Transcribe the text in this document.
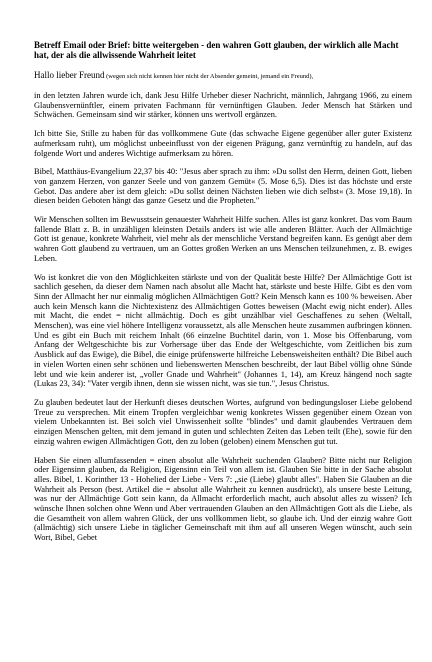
Betreff Email oder Brief: bitte weitergeben - den wahren Gott glauben, der wirklich alle Macht hat, der als die allwissende Wahrheit leitet
Hallo lieber Freund (wegen sich nicht kennen hier nicht der Absender gemeint, jemand ein Freund),

in den letzten Jahren wurde ich, dank Jesu Hilfe Urheber dieser Nachricht, männlich, Jahrgang 1966, zu einem Glaubensvernünftler, einem privaten Fachmann für vernünftigen Glauben. Jeder Mensch hat Stärken und Schwächen. Gemeinsam sind wir stärker, können uns wertvoll ergänzen.

Ich bitte Sie, Stille zu haben für das vollkommene Gute (das schwache Eigene gegenüber aller guter Existenz aufmerksam ruht), um möglichst unbeeinflusst von der eigenen Prägung, ganz vernünftig zu handeln, auf das folgende Wort und anderes Wichtige aufmerksam zu hören.

Bibel, Matthäus-Evangelium 22,37 bis 40: "Jesus aber sprach zu ihm: »Du sollst den Herrn, deinen Gott, lieben von ganzem Herzen, von ganzer Seele und von ganzem Gemüt« (5. Mose 6,5). Dies ist das höchste und erste Gebot. Das andere aber ist dem gleich: »Du sollst deinen Nächsten lieben wie dich selbst« (3. Mose 19,18). In diesen beiden Geboten hängt das ganze Gesetz und die Propheten."

Wir Menschen sollten im Bewusstsein genauester Wahrheit Hilfe suchen. Alles ist ganz konkret. Das vom Baum fallende Blatt z. B. in unzähligen kleinsten Details anders ist wie alle anderen Blätter. Auch der Allmächtige Gott ist genaue, konkrete Wahrheit, viel mehr als der menschliche Verstand begreifen kann. Es genügt aber dem wahren Gott glaubend zu vertrauen, um an Gottes großen Werken an uns Menschen teilzunehmen, z. B. ewiges Leben.

Wo ist konkret die von den Möglichkeiten stärkste und von der Qualität beste Hilfe? Der Allmächtige Gott ist sachlich gesehen, da dieser dem Namen nach absolut alle Macht hat, stärkste und beste Hilfe. Gibt es den vom Sinn der Allmacht her nur einmalig möglichen Allmächtigen Gott? Kein Mensch kann es 100 % beweisen. Aber auch kein Mensch kann die Nichtexistenz des Allmächtigen Gottes beweisen (Macht ewig nicht ender). Alles mit Macht, die endet = nicht allmächtig. Doch es gibt unzählbar viel Geschaffenes zu sehen (Weltall, Menschen), was eine viel höhere Intelligenz voraussetzt, als alle Menschen heute zusammen aufbringen können. Und es gibt ein Buch mit reichem Inhalt (66 einzelne Buchtitel darin, von 1. Mose bis Offenbarung, vom Anfang der Weltgeschichte bis zur Vorhersage über das Ende der Weltgeschichte, vom Zeitlichen bis zum Ausblick auf das Ewige), die Bibel, die einige prüfenswerte hilfreiche Lebensweisheiten enthält? Die Bibel auch in vielen Worten einen sehr schönen und liebenswerten Menschen beschreibt, der laut Bibel völlig ohne Sünde lebt und wie kein anderer ist, „voller Gnade und Wahrheit" (Johannes 1, 14), am Kreuz hängend noch sagte (Lukas 23, 34): "Vater vergib ihnen, denn sie wissen nicht, was sie tun.", Jesus Christus.

Zu glauben bedeutet laut der Herkunft dieses deutschen Wortes, aufgrund von bedingungsloser Liebe gelobend Treue zu versprechen. Mit einem Tropfen vergleichbar wenig konkretes Wissen gegenüber einem Ozean von vielem Unbekannten ist. Bei solch viel Unwissenheit sollte "blindes" und damit glaubendes Vertrauen dem einzigen Menschen gelten, mit dem jemand in guten und schlechten Zeiten das Leben teilt (Ehe), sowie für den einzig wahren ewigen Allmächtigen Gott, den zu loben (geloben) einem Menschen gut tut.

Haben Sie einen allumfassenden = einen absolut alle Wahrheit suchenden Glauben? Bitte nicht nur Religion oder Eigensinn glauben, da Religion, Eigensinn ein Teil von allem ist. Glauben Sie bitte in der Sache absolut alles. Bibel, 1. Korinther 13 - Hohelied der Liebe - Vers 7: „sie (Liebe) glaubt alles". Haben Sie Glauben an die Wahrheit als Person (best. Artikel die = absolut alle Wahrheit zu kennen ausdrückt), als unsere beste Leitung, was nur der Allmächtige Gott sein kann, da Allmacht erforderlich macht, auch absolut alles zu wissen? Ich wünsche Ihnen solchen ohne Wenn und Aber vertrauenden Glauben an den Allmächtigen Gott als die Liebe, als die Gesamtheit von allem wahren Glück, der uns vollkommen liebt, so glaube ich. Und der einzig wahre Gott (allmächtig) sich unsere Liebe in täglicher Gemeinschaft mit ihm auf all unseren Wegen wünscht, auch sein Wort, Bibel, Gebet
